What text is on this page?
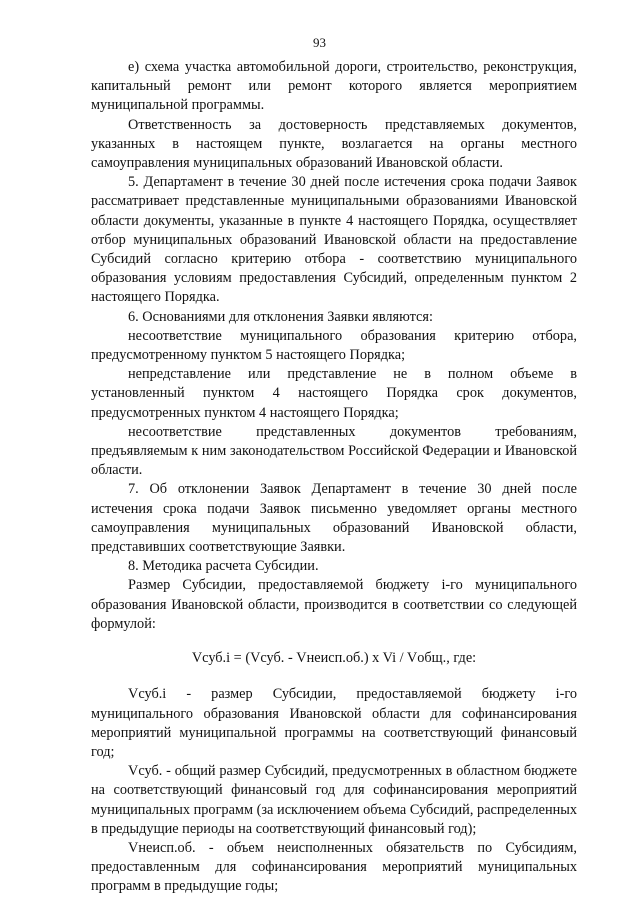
93

е) схема участка автомобильной дороги, строительство, реконструкция, капитальный ремонт или ремонт которого является мероприятием муниципальной программы.

Ответственность за достоверность представляемых документов, указанных в настоящем пункте, возлагается на органы местного самоуправления муниципальных образований Ивановской области.

5. Департамент в течение 30 дней после истечения срока подачи Заявок рассматривает представленные муниципальными образованиями Ивановской области документы, указанные в пункте 4 настоящего Порядка, осуществляет отбор муниципальных образований Ивановской области на предоставление Субсидий согласно критерию отбора - соответствию муниципального образования условиям предоставления Субсидий, определенным пунктом 2 настоящего Порядка.

6. Основаниями для отклонения Заявки являются:

несоответствие муниципального образования критерию отбора, предусмотренному пунктом 5 настоящего Порядка;

непредставление или представление не в полном объеме в установленный пунктом 4 настоящего Порядка срок документов, предусмотренных пунктом 4 настоящего Порядка;

несоответствие представленных документов требованиям, предъявляемым к ним законодательством Российской Федерации и Ивановской области.

7. Об отклонении Заявок Департамент в течение 30 дней после истечения срока подачи Заявок письменно уведомляет органы местного самоуправления муниципальных образований Ивановской области, представивших соответствующие Заявки.

8. Методика расчета Субсидии.

Размер Субсидии, предоставляемой бюджету i-го муниципального образования Ивановской области, производится в соответствии со следующей формулой:

Vсуб.i = (Vсуб. - Vнеисп.об.) x Vi / Vобщ., где:

Vсуб.i - размер Субсидии, предоставляемой бюджету i-го муниципального образования Ивановской области для софинансирования мероприятий муниципальной программы на соответствующий финансовый год;

Vсуб. - общий размер Субсидий, предусмотренных в областном бюджете на соответствующий финансовый год для софинансирования мероприятий муниципальных программ (за исключением объема Субсидий, распределенных в предыдущие периоды на соответствующий финансовый год);

Vнеисп.об. - объем неисполненных обязательств по Субсидиям, предоставленным для софинансирования мероприятий муниципальных программ в предыдущие годы;
